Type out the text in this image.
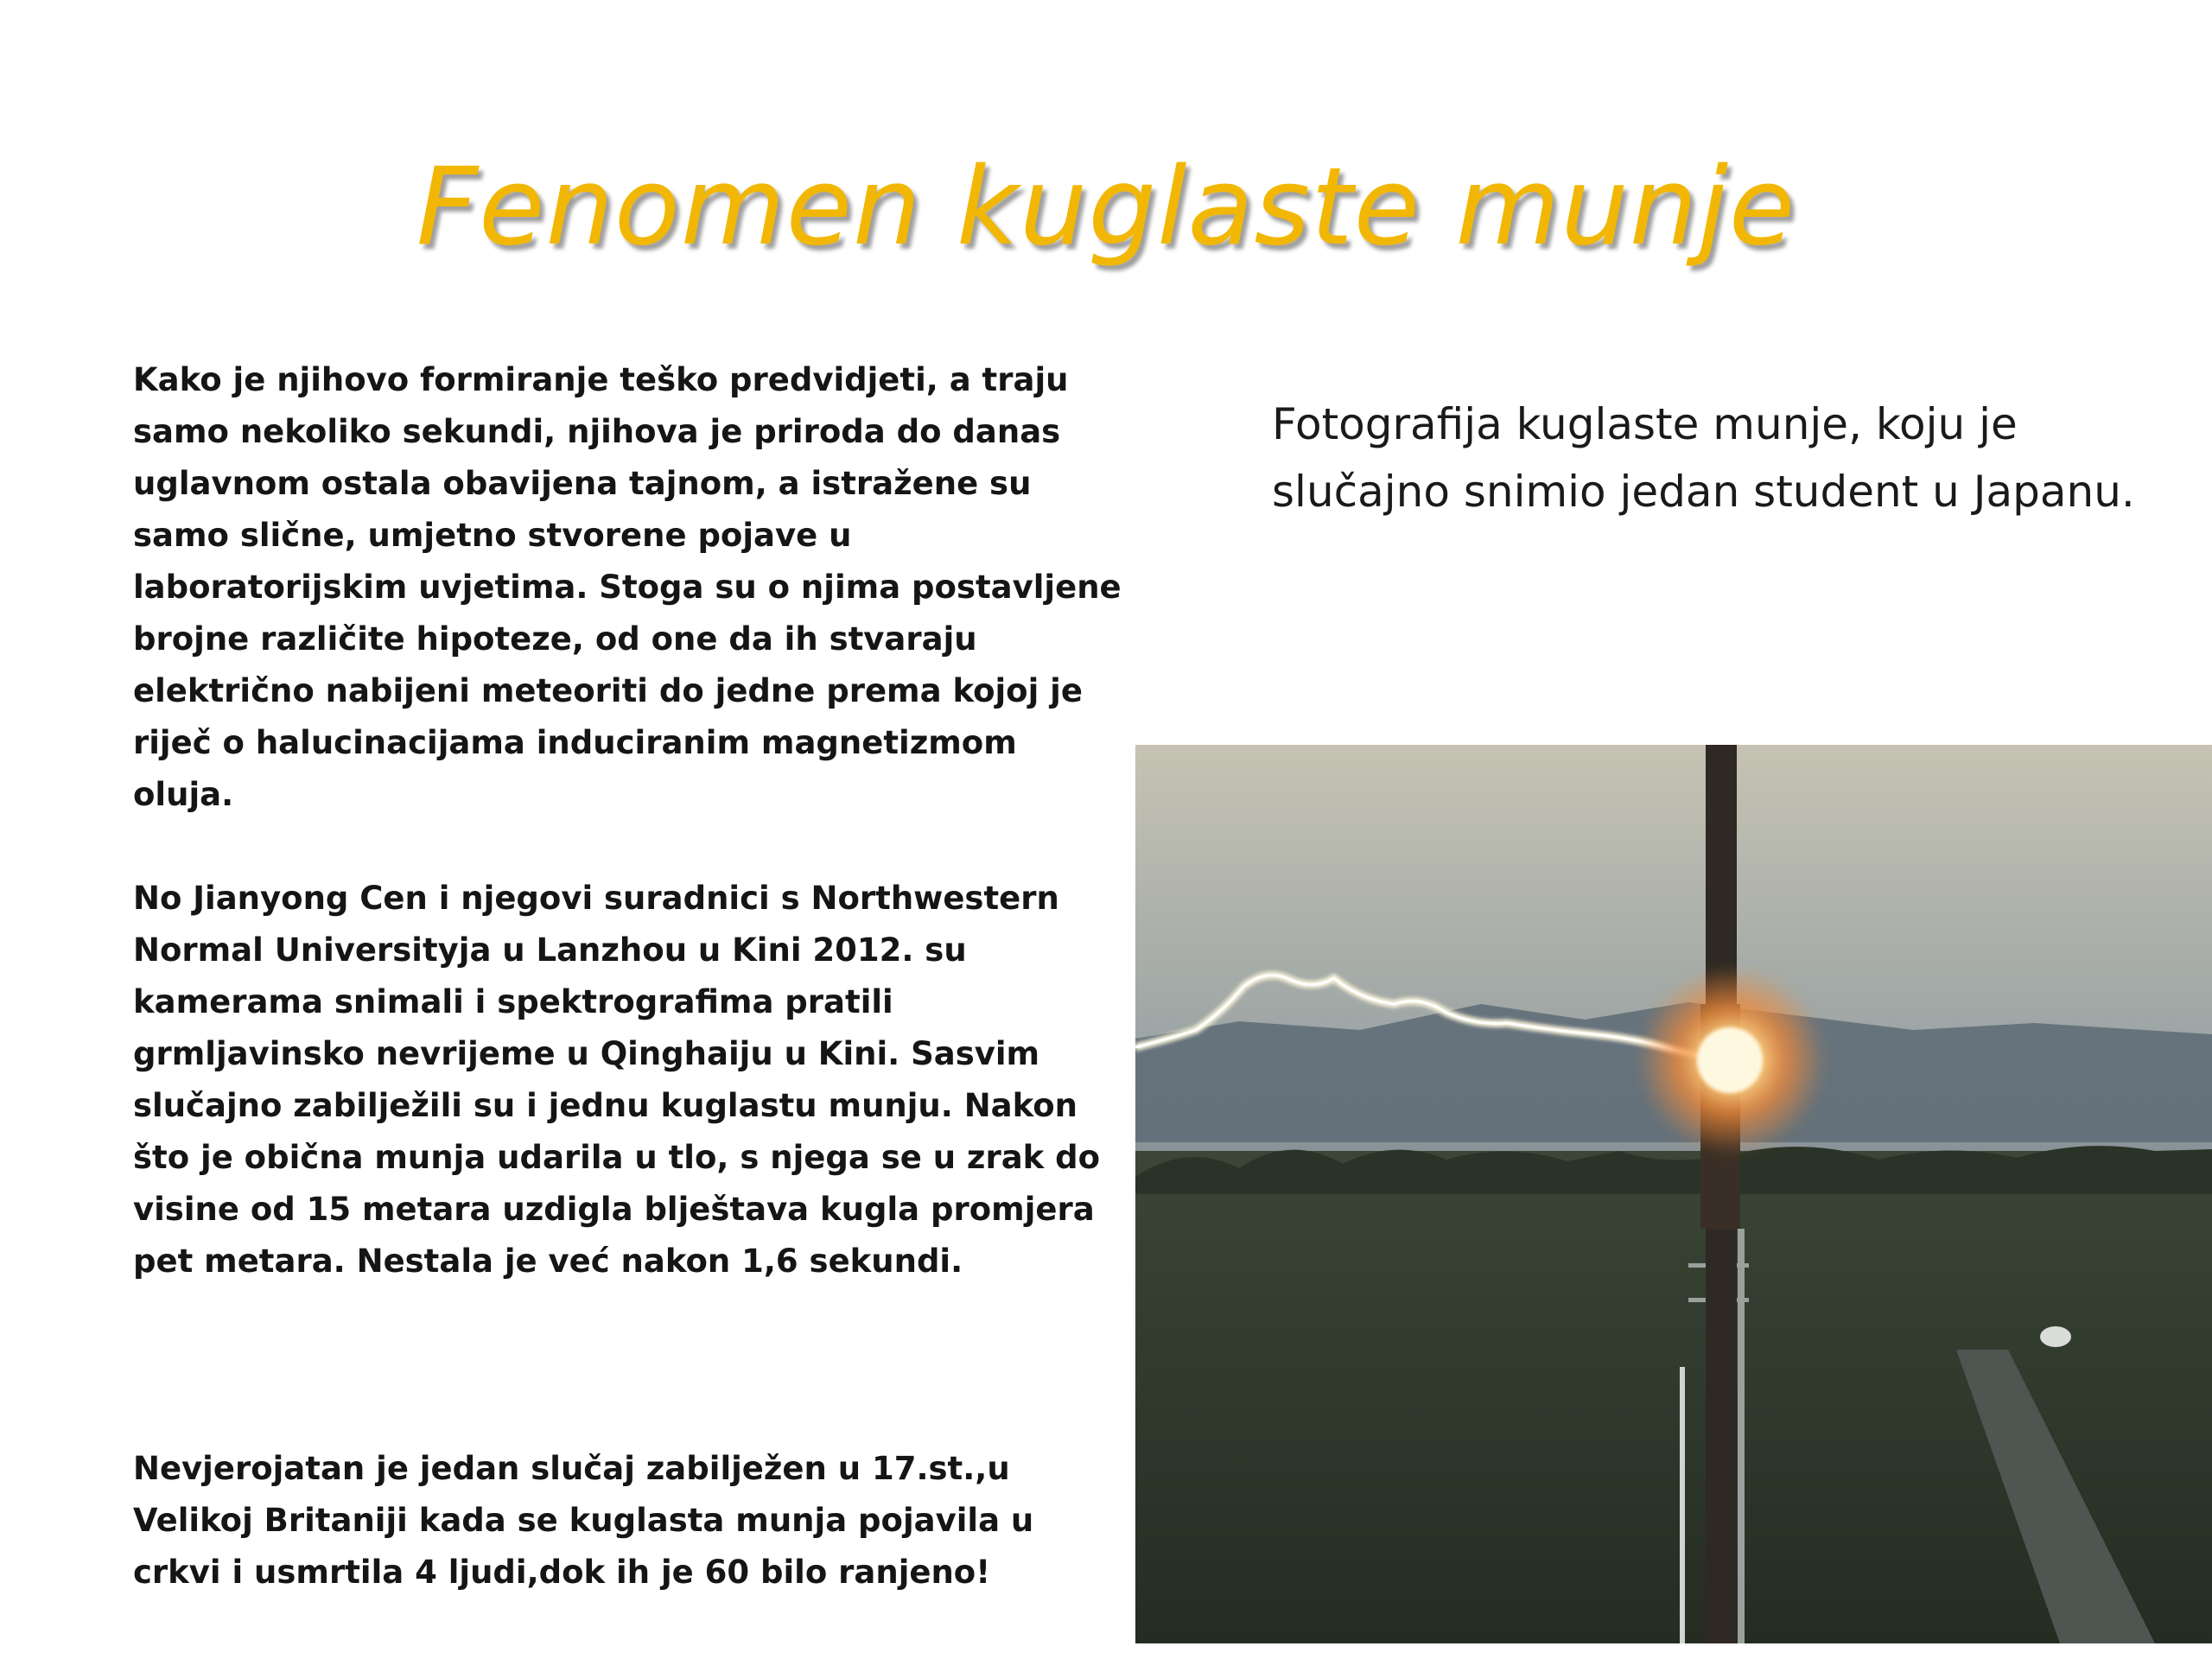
Fenomen kuglaste munje

Kako je njihovo formiranje teško predvidjeti, a traju samo nekoliko sekundi, njihova je priroda do danas uglavnom ostala obavijena tajnom, a istražene su samo slične, umjetno stvorene pojave u laboratorijskim uvjetima. Stoga su o njima postavljene brojne različite hipoteze, od one da ih stvaraju električno nabijeni meteoriti do jedne prema kojoj je riječ o halucinacijama induciranim magnetizmom oluja.

No Jianyong Cen i njegovi suradnici s Northwestern Normal Universityja u Lanzhou u Kini 2012. su kamerama snimali i spektrografima pratili grmljavinsko nevrijeme u Qinghaiju u Kini. Sasvim slučajno zabilježili su i jednu kuglastu munju. Nakon što je obična munja udarila u tlo, s njega se u zrak do visine od 15 metara uzdigla blještava kugla promjera pet metara. Nestala je već nakon 1,6 sekundi.

Nevjerojatan je jedan slučaj zabilježen u 17.st.,u Velikoj Britaniji kada se kuglasta munja pojavila u crkvi i usmrtila 4 ljudi,dok ih je 60 bilo ranjeno!

Fotografija kuglaste munje, koju je slučajno snimio jedan student u Japanu.
